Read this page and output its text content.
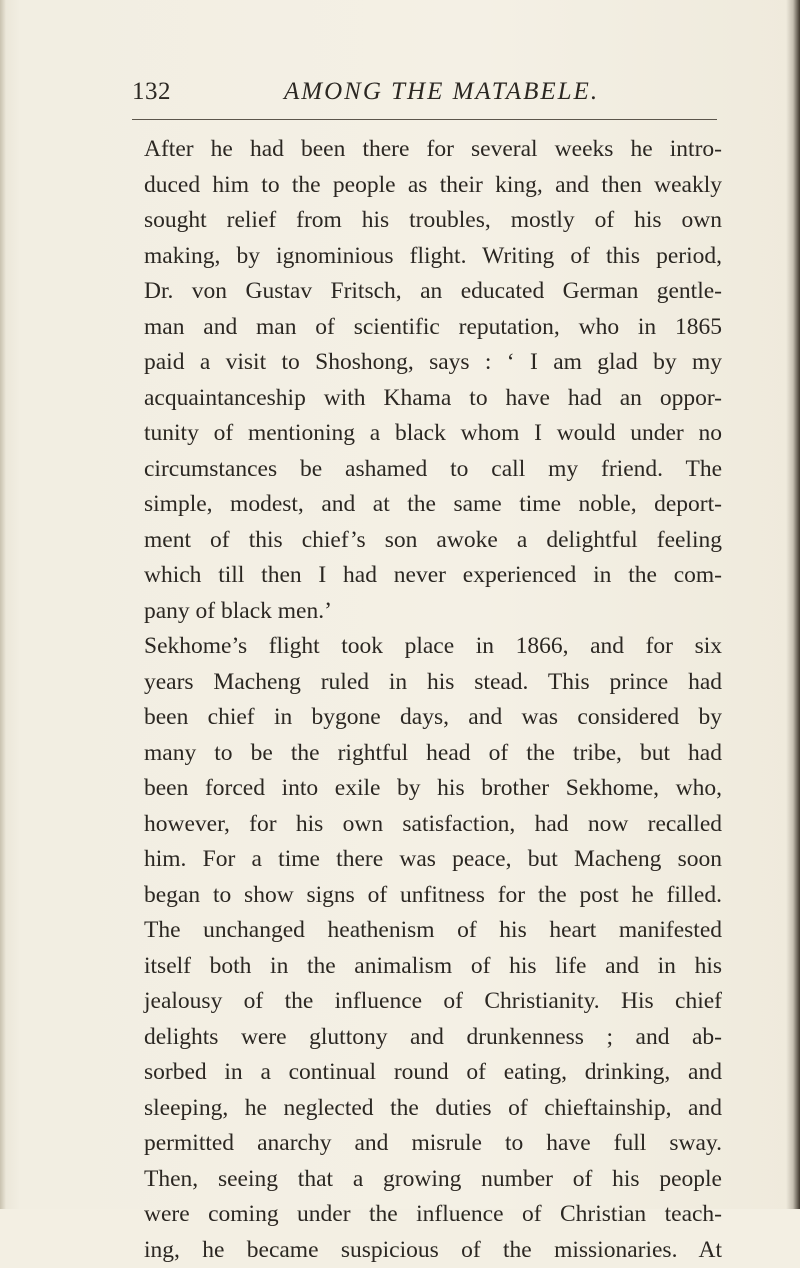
132	AMONG THE MATABELE.
After he had been there for several weeks he intro-
duced him to the people as their king, and then weakly
sought relief from his troubles, mostly of his own
making, by ignominious flight. Writing of this period,
Dr. von Gustav Fritsch, an educated German gentle-
man and man of scientific reputation, who in 1865
paid a visit to Shoshong, says : ‘ I am glad by my
acquaintanceship with Khama to have had an oppor-
tunity of mentioning a black whom I would under no
circumstances be ashamed to call my friend. The
simple, modest, and at the same time noble, deport-
ment of this chief’s son awoke a delightful feeling
which till then I had never experienced in the com-
pany of black men.’
Sekhome’s flight took place in 1866, and for six
years Macheng ruled in his stead. This prince had
been chief in bygone days, and was considered by
many to be the rightful head of the tribe, but had
been forced into exile by his brother Sekhome, who,
however, for his own satisfaction, had now recalled
him. For a time there was peace, but Macheng soon
began to show signs of unfitness for the post he filled.
The unchanged heathenism of his heart manifested
itself both in the animalism of his life and in his
jealousy of the influence of Christianity. His chief
delights were gluttony and drunkenness ; and ab-
sorbed in a continual round of eating, drinking, and
sleeping, he neglected the duties of chieftainship, and
permitted anarchy and misrule to have full sway.
Then, seeing that a growing number of his people
were coming under the influence of Christian teach-
ing, he became suspicious of the missionaries. At
